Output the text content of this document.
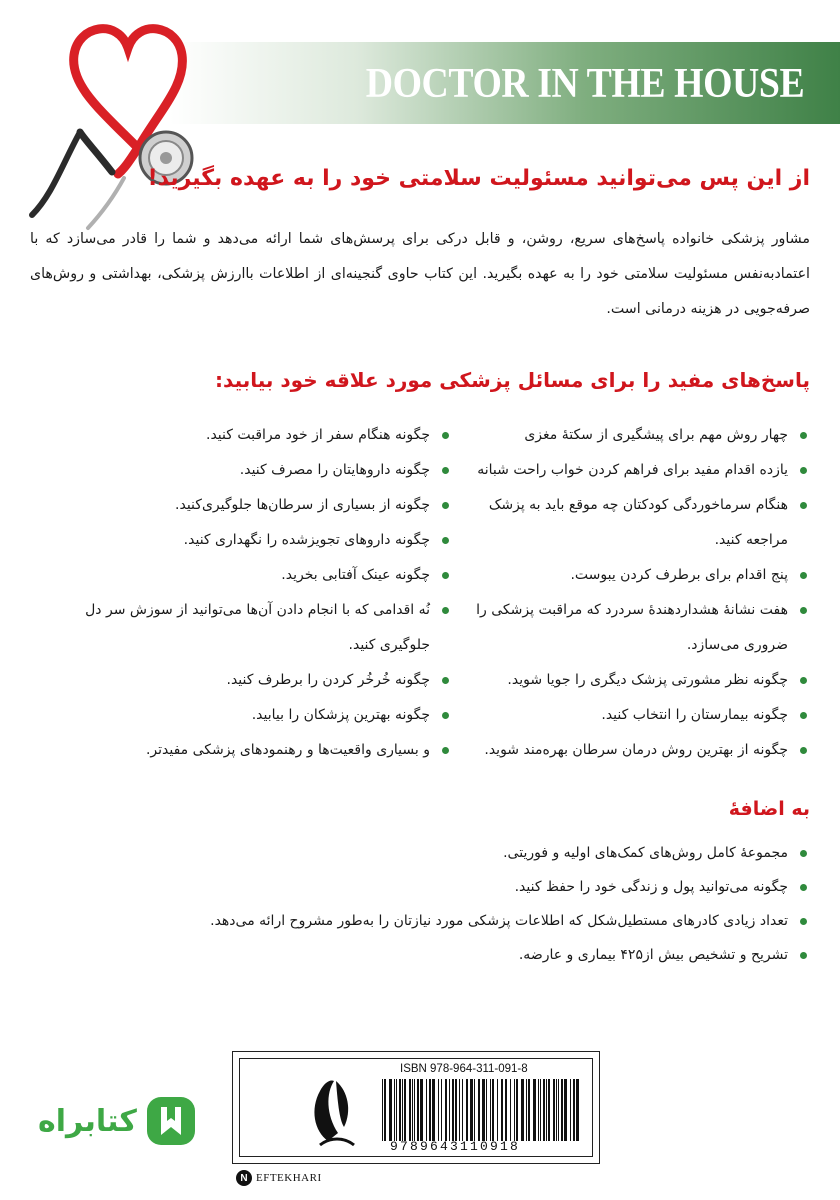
DOCTOR IN THE HOUSE
از این پس می‌توانید مسئولیت سلامتی خود را به عهده بگیرید!

مشاور پزشکی خانواده پاسخ‌های سریع، روشن، و قابل درکی برای پرسش‌های شما ارائه می‌دهد و شما را قادر می‌سازد که با اعتمادبه‌نفس مسئولیت سلامتی خود را به عهده بگیرید. این کتاب حاوی گنجینه‌ای از اطلاعات باارزش پزشکی، بهداشتی و روش‌های صرفه‌جویی در هزینه درمانی است.

پاسخ‌های مفید را برای مسائل پزشکی مورد علاقه خود بیابید:
چهار روش مهم برای پیشگیری از سکتهٔ مغزی
یازده اقدام مفید برای فراهم کردن خواب راحت شبانه
هنگام سرماخوردگی کودکتان چه موقع باید به پزشک مراجعه کنید.
پنج اقدام برای برطرف کردن یبوست.
هفت نشانهٔ هشداردهندهٔ سردرد که مراقبت پزشکی را ضروری می‌سازد.
چگونه نظر مشورتی پزشک دیگری را جویا شوید.
چگونه بیمارستان را انتخاب کنید.
چگونه از بهترین روش درمان سرطان بهره‌مند شوید.
چگونه هنگام سفر از خود مراقبت کنید.
چگونه داروهایتان را مصرف کنید.
چگونه از بسیاری از سرطان‌ها جلوگیری‌کنید.
چگونه داروهای تجویزشده را نگهداری کنید.
چگونه عینک آفتابی بخرید.
نُه اقدامی که با انجام دادن آن‌ها می‌توانید از سوزش سر دل جلوگیری کنید.
چگونه خُرخُر کردن را برطرف کنید.
چگونه بهترین پزشکان را بیابید.
و بسیاری واقعیت‌ها و رهنمودهای پزشکی مفیدتر.
به اضافهٔ
مجموعهٔ کامل روش‌های کمک‌های اولیه و فوریتی.
چگونه می‌توانید پول و زندگی خود را حفظ کنید.
تعداد زیادی کادرهای مستطیل‌شکل که اطلاعات پزشکی مورد نیازتان را به‌طور مشروح ارائه می‌دهد.
تشریح و تشخیص بیش از۴۲۵ بیماری و عارضه.
ISBN 978-964-311-091-8
9789643110918
N EFTEKHARI
کتابراه
